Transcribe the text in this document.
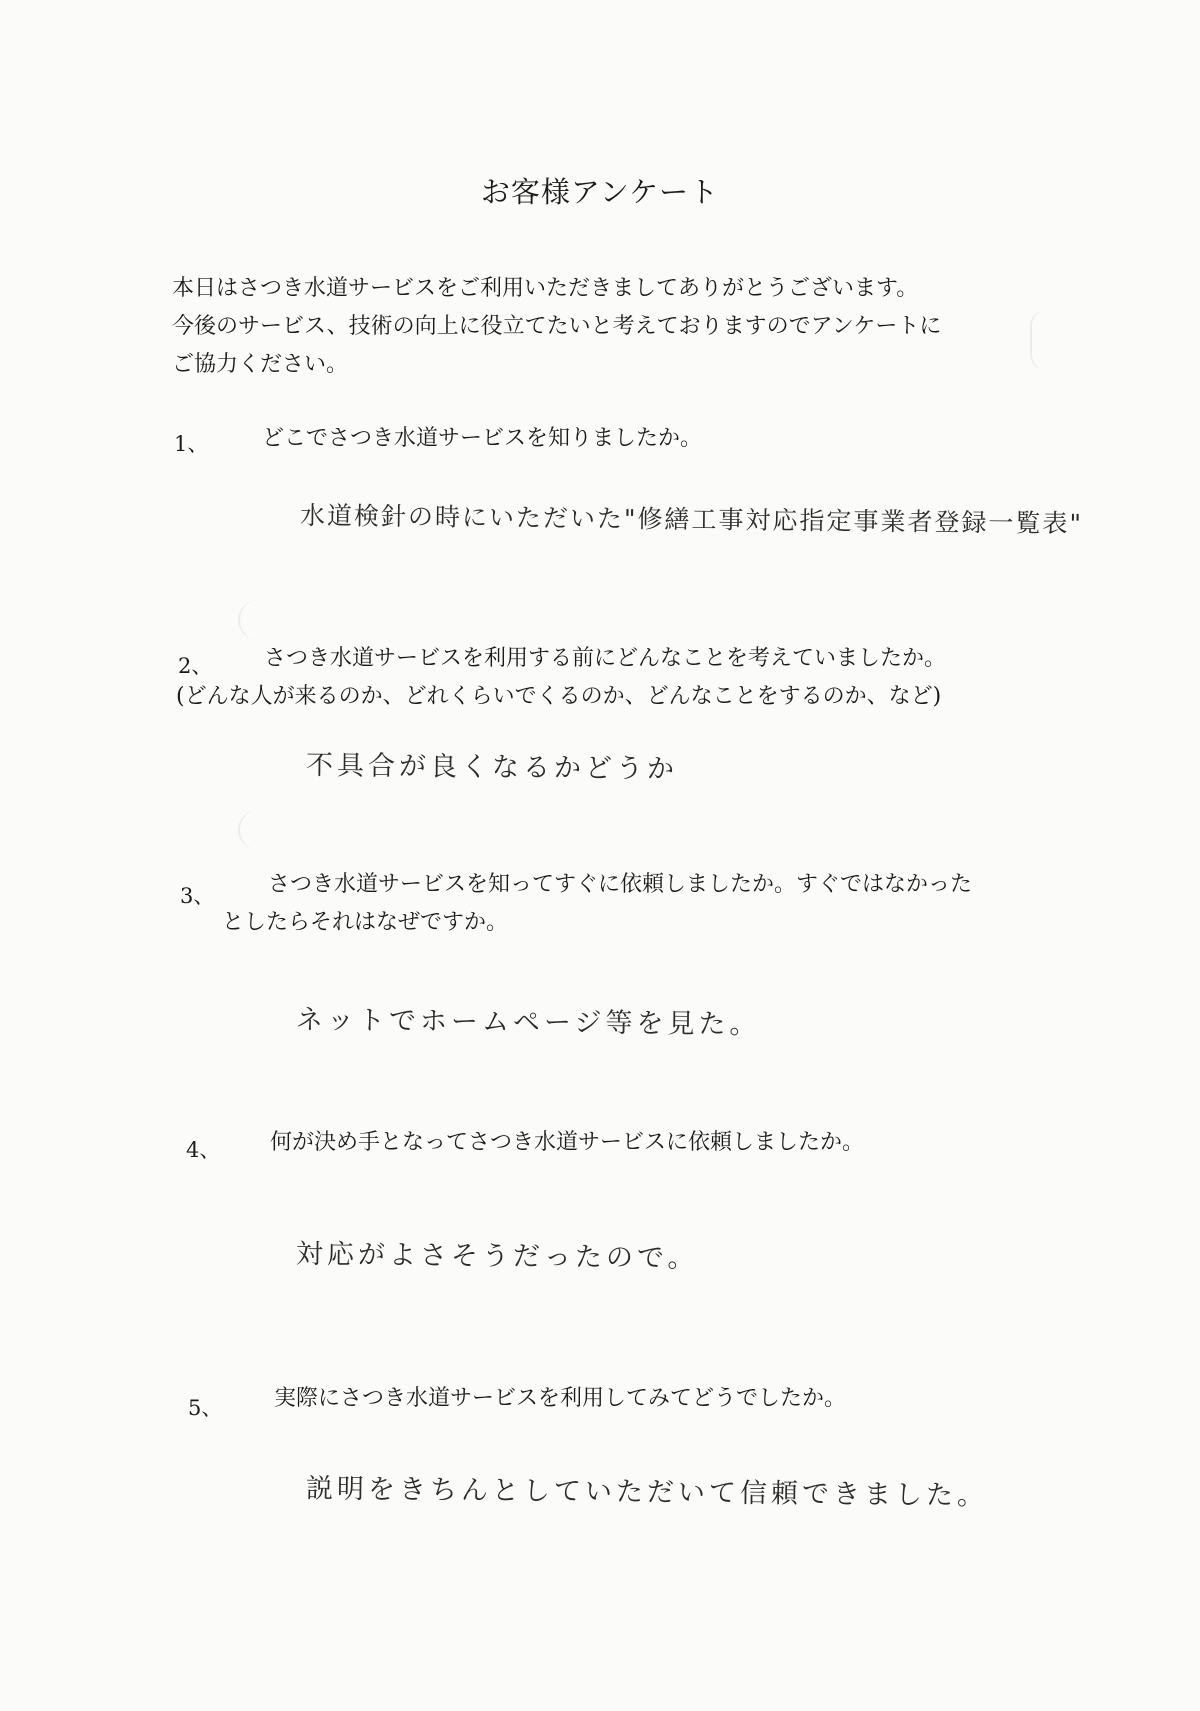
お客様アンケート
本日はさつき水道サービスをご利用いただきましてありがとうございます。
今後のサービス、技術の向上に役立てたいと考えておりますのでアンケートに
ご協力ください。
1、 どこでさつき水道サービスを知りましたか。
水道検針の時にいただいた"修繕工事対応指定事業者登録一覧表"
2、 さつき水道サービスを利用する前にどんなことを考えていましたか。
(どんな人が来るのか、どれくらいでくるのか、どんなことをするのか、など)
不具合が良くなるかどうか
3、 さつき水道サービスを知ってすぐに依頼しましたか。すぐではなかった
としたらそれはなぜですか。
ネットでホームページ等を見た。
4、 何が決め手となってさつき水道サービスに依頼しましたか。
対応がよさそうだったので。
5、 実際にさつき水道サービスを利用してみてどうでしたか。
説明をきちんとしていただいて信頼できました。
